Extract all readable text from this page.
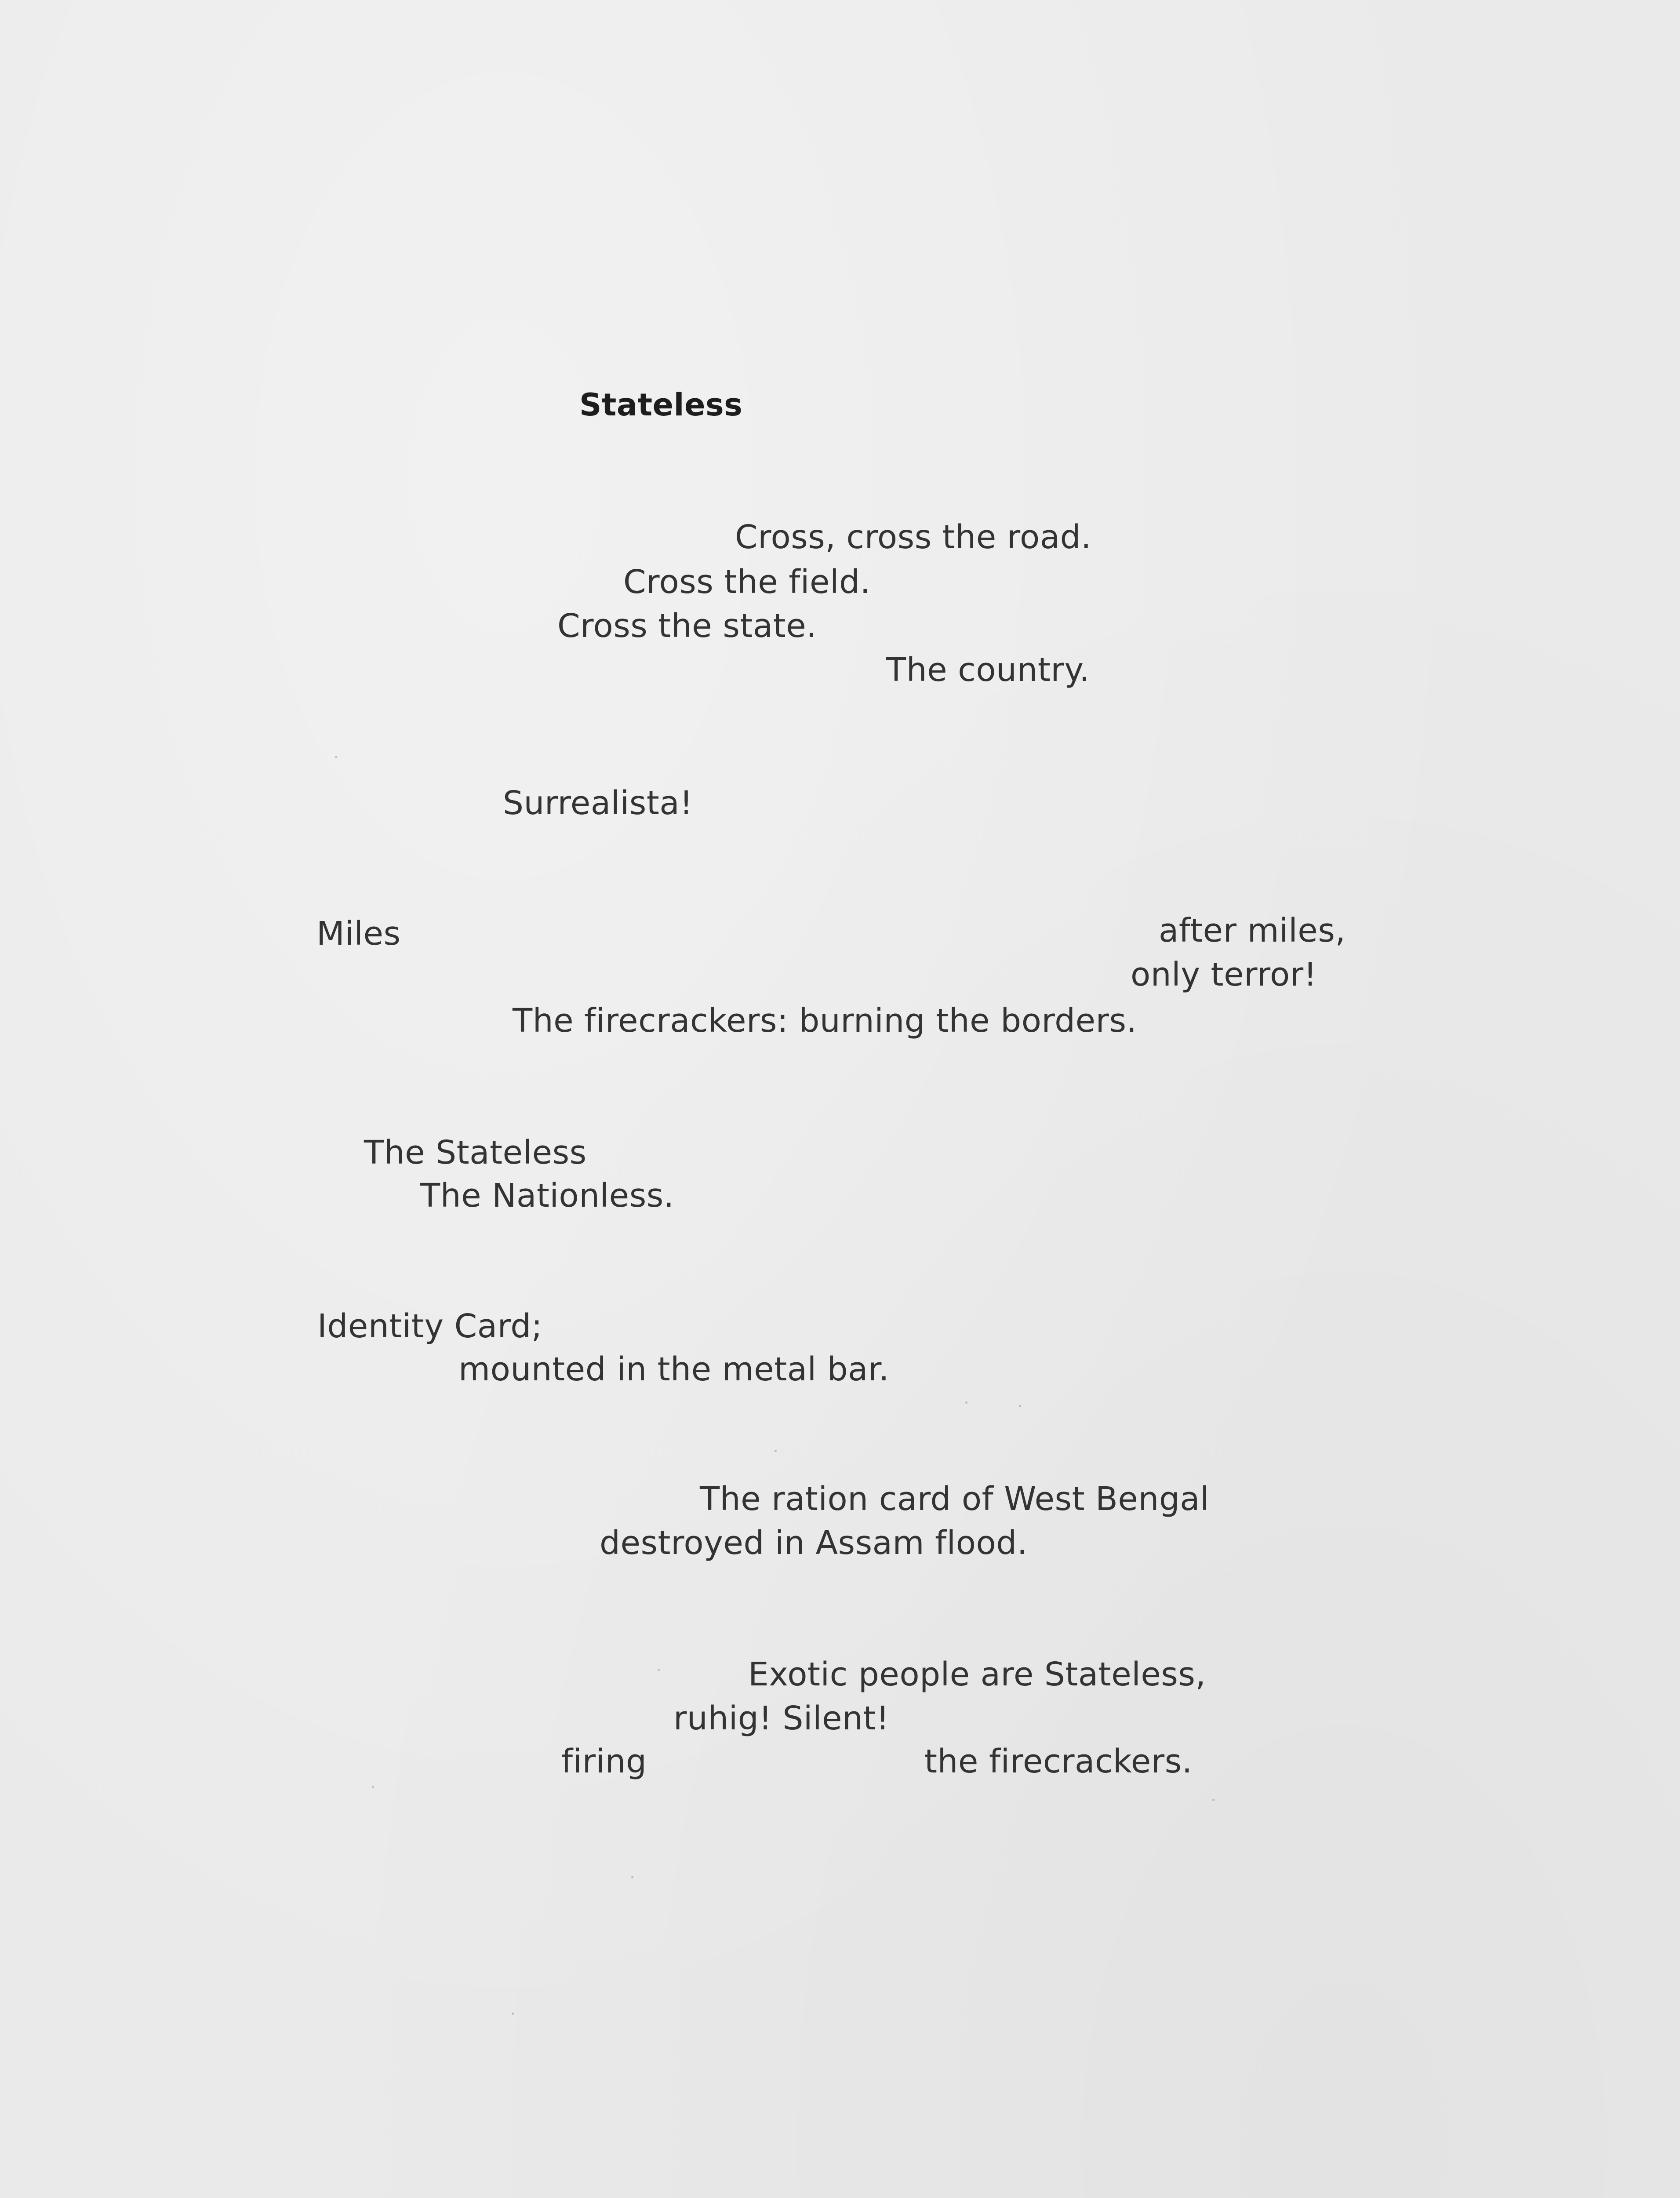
Stateless
Cross, cross the road.
Cross the field.
Cross the state.
The country.
Surrealista!
Miles	after miles,
only terror!
The firecrackers: burning the borders.
The Stateless
The Nationless.
Identity Card;
mounted in the metal bar.
The ration card of West Bengal
destroyed in Assam flood.
Exotic people are Stateless,
ruhig! Silent!
firing	the firecrackers.
